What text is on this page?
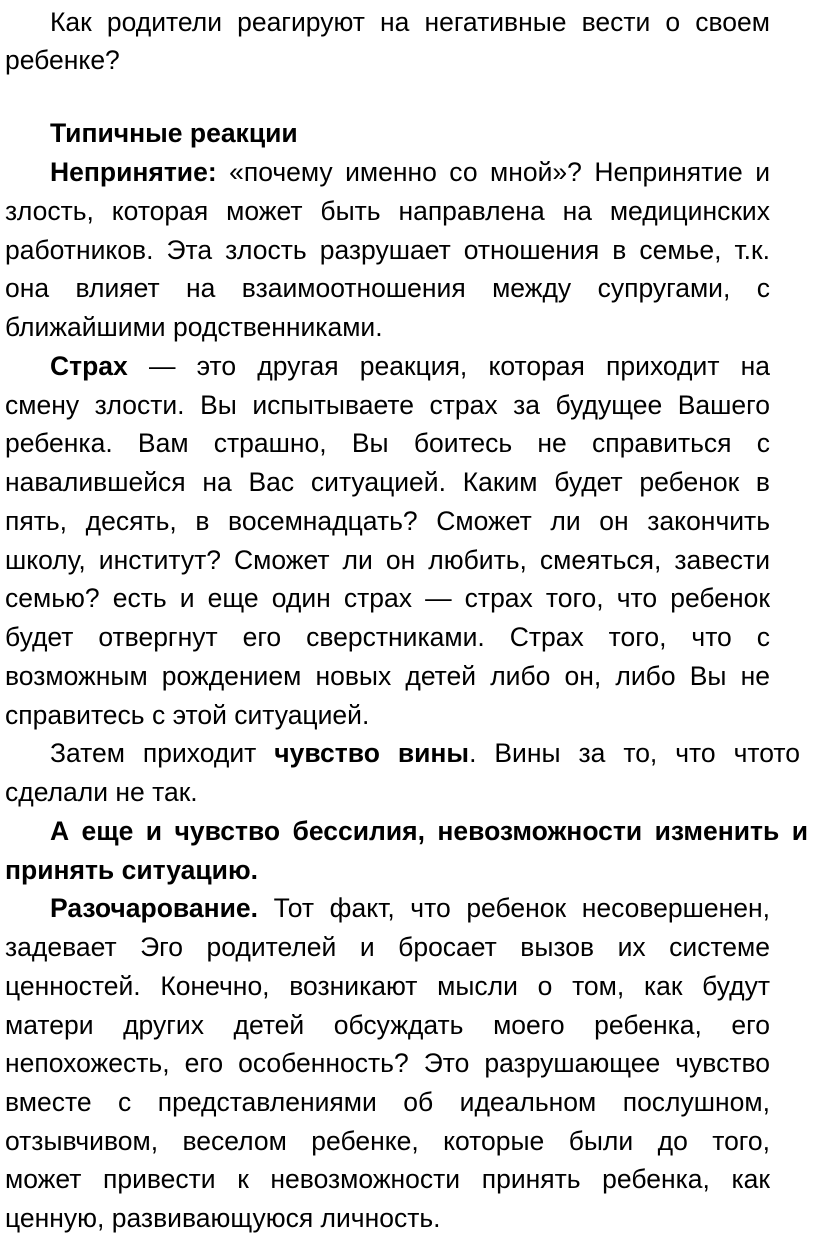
Как родители реагируют на негативные вести о своем
ребенке?
Типичные реакции
Непринятие: «почему именно со мной»? Непринятие и
злость, которая может быть направлена на медицинских
работников. Эта злость разрушает отношения в семье, т.к.
она влияет на взаимоотношения между супругами, с
ближайшими родственниками.
Страх — это другая реакция, которая приходит на
смену злости. Вы испытываете страх за будущее Вашего
ребенка. Вам страшно, Вы боитесь не справиться с
навалившейся на Вас ситуацией. Каким будет ребенок в
пять, десять, в восемнадцать? Сможет ли он закончить
школу, институт? Сможет ли он любить, смеяться, завести
семью? есть и еще один страх — страх того, что ребенок
будет отвергнут его сверстниками. Страх того, что с
возможным рождением новых детей либо он, либо Вы не
справитесь с этой ситуацией.
Затем приходит чувство вины. Вины за то, что чтото
сделали не так.
А еще и чувство бессилия, невозможности изменить и
принять ситуацию.
Разочарование. Тот факт, что ребенок несовершенен,
задевает Эго родителей и бросает вызов их системе
ценностей. Конечно, возникают мысли о том, как будут
матери других детей обсуждать моего ребенка, его
непохожесть, его особенность? Это разрушающее чувство
вместе с представлениями об идеальном послушном,
отзывчивом, веселом ребенке, которые были до того,
может привести к невозможности принять ребенка, как
ценную, развивающуюся личность.
